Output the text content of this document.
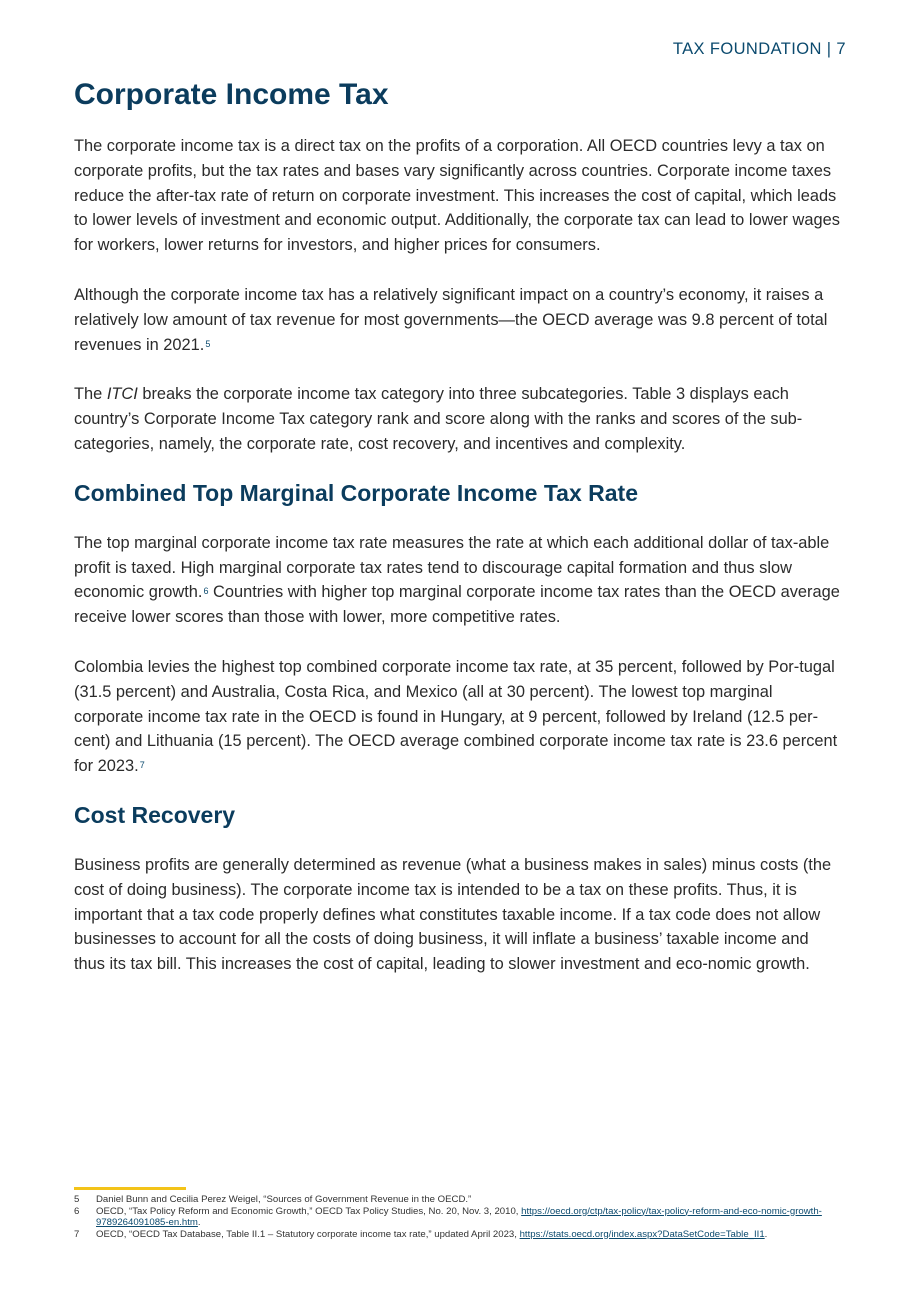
TAX FOUNDATION | 7
Corporate Income Tax

The corporate income tax is a direct tax on the profits of a corporation. All OECD countries levy a tax on corporate profits, but the tax rates and bases vary significantly across countries. Corporate income taxes reduce the after-tax rate of return on corporate investment. This increases the cost of capital, which leads to lower levels of investment and economic output. Additionally, the corporate tax can lead to lower wages for workers, lower returns for investors, and higher prices for consumers.

Although the corporate income tax has a relatively significant impact on a country’s economy, it raises a relatively low amount of tax revenue for most governments—the OECD average was 9.8 percent of total revenues in 2021.$^5$

The ITCI breaks the corporate income tax category into three subcategories. Table 3 displays each country’s Corporate Income Tax category rank and score along with the ranks and scores of the sub-categories, namely, the corporate rate, cost recovery, and incentives and complexity.

Combined Top Marginal Corporate Income Tax Rate

The top marginal corporate income tax rate measures the rate at which each additional dollar of tax-able profit is taxed. High marginal corporate tax rates tend to discourage capital formation and thus slow economic growth.$^6$ Countries with higher top marginal corporate income tax rates than the OECD average receive lower scores than those with lower, more competitive rates.

Colombia levies the highest top combined corporate income tax rate, at 35 percent, followed by Por-tugal (31.5 percent) and Australia, Costa Rica, and Mexico (all at 30 percent). The lowest top marginal corporate income tax rate in the OECD is found in Hungary, at 9 percent, followed by Ireland (12.5 per-cent) and Lithuania (15 percent). The OECD average combined corporate income tax rate is 23.6 percent for 2023.$^7$

Cost Recovery

Business profits are generally determined as revenue (what a business makes in sales) minus costs (the cost of doing business). The corporate income tax is intended to be a tax on these profits. Thus, it is important that a tax code properly defines what constitutes taxable income. If a tax code does not allow businesses to account for all the costs of doing business, it will inflate a business’ taxable income and thus its tax bill. This increases the cost of capital, leading to slower investment and eco-nomic growth.

5	Daniel Bunn and Cecilia Perez Weigel, “Sources of Government Revenue in the OECD.”
6	OECD, “Tax Policy Reform and Economic Growth,” OECD Tax Policy Studies, No. 20, Nov. 3, 2010, https://oecd.org/ctp/tax-policy/tax-policy-reform-and-eco-nomic-growth-9789264091085-en.htm.
7	OECD, “OECD Tax Database, Table II.1 – Statutory corporate income tax rate,” updated April 2023, https://stats.oecd.org/index.aspx?DataSetCode=Table_II1.
